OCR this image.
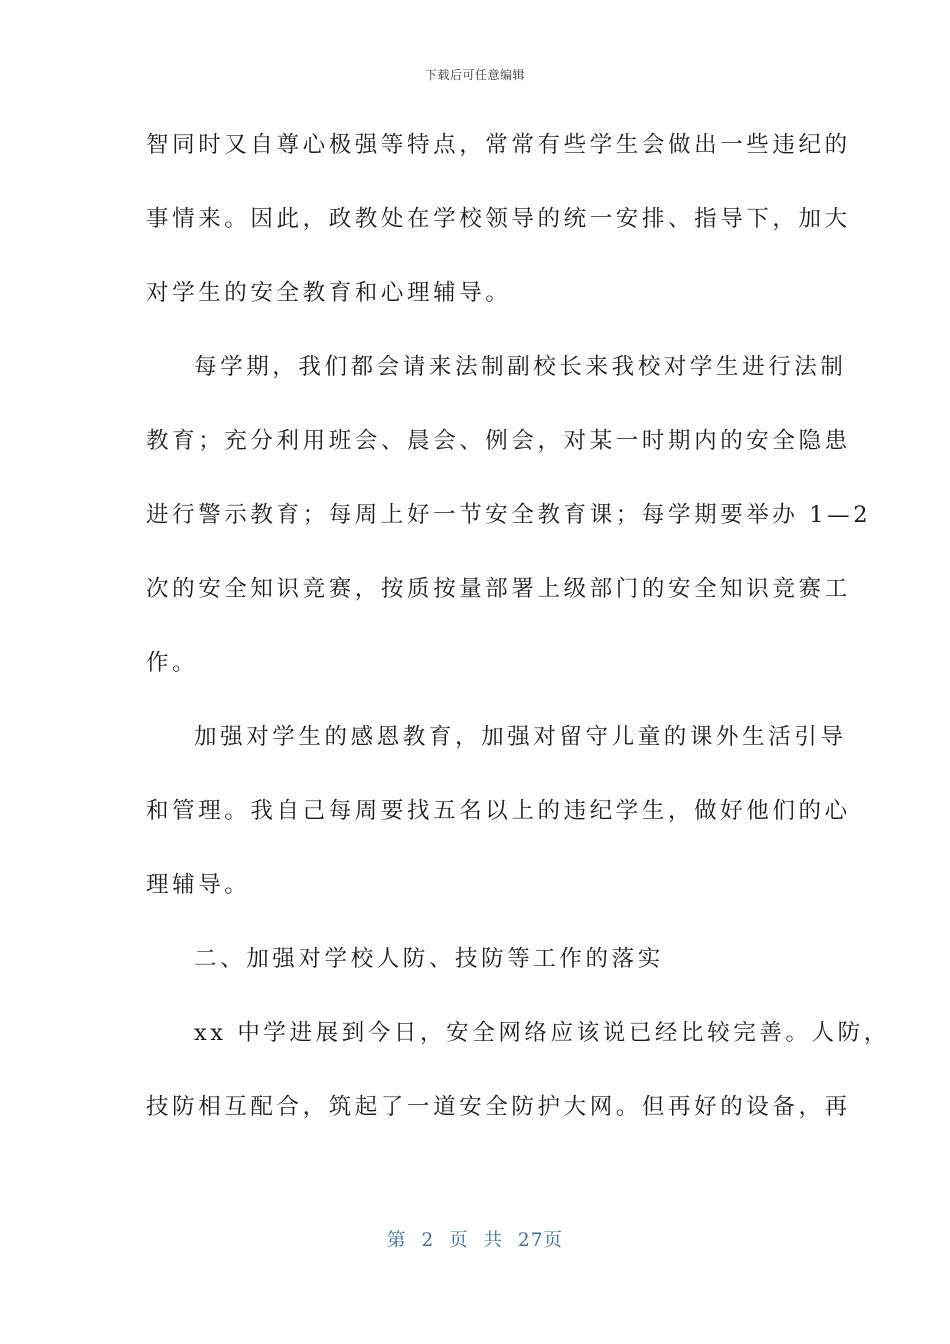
下载后可任意编辑
智同时又自尊心极强等特点，常常有些学生会做出一些违纪的
事情来。因此，政教处在学校领导的统一安排、指导下，加大
对学生的安全教育和心理辅导。
每学期，我们都会请来法制副校长来我校对学生进行法制
教育；充分利用班会、晨会、例会，对某一时期内的安全隐患
进行警示教育；每周上好一节安全教育课；每学期要举办 1—2
次的安全知识竞赛，按质按量部署上级部门的安全知识竞赛工
作。
加强对学生的感恩教育，加强对留守儿童的课外生活引导
和管理。我自己每周要找五名以上的违纪学生，做好他们的心
理辅导。
二、加强对学校人防、技防等工作的落实
xx 中学进展到今日，安全网络应该说已经比较完善。人防，
技防相互配合，筑起了一道安全防护大网。但再好的设备，再
第 2 页 共 27页
